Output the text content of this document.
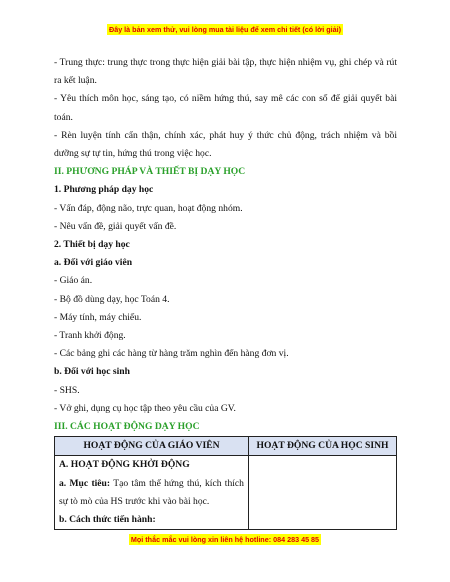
Đây là bản xem thử, vui lòng mua tài liệu để xem chi tiết (có lời giải)

- Trung thực: trung thực trong thực hiện giải bài tập, thực hiện nhiệm vụ, ghi chép và rút ra kết luận.

- Yêu thích môn học, sáng tạo, có niềm hứng thú, say mê các con số để giải quyết bài toán.

- Rèn luyện tính cẩn thận, chính xác, phát huy ý thức chủ động, trách nhiệm và bồi dưỡng sự tự tin, hứng thú trong việc học.

II. PHƯƠNG PHÁP VÀ THIẾT BỊ DẠY HỌC

1. Phương pháp dạy học

- Vấn đáp, động não, trực quan, hoạt động nhóm.

- Nêu vấn đề, giải quyết vấn đề.

2. Thiết bị dạy học

a. Đối với giáo viên

- Giáo án.

- Bộ đồ dùng dạy, học Toán 4.

- Máy tính, máy chiếu.

- Tranh khởi động.

- Các bảng ghi các hàng từ hàng trăm nghìn đến hàng đơn vị.

b. Đối với học sinh

- SHS.

- Vở ghi, dụng cụ học tập theo yêu cầu của GV.

III. CÁC HOẠT ĐỘNG DẠY HỌC

HOẠT ĐỘNG CỦA GIÁO VIÊN	HOẠT ĐỘNG CỦA HỌC SINH

A. HOẠT ĐỘNG KHỞI ĐỘNG
a. Mục tiêu: Tạo tâm thế hứng thú, kích thích sự tò mò của HS trước khi vào bài học.
b. Cách thức tiến hành:	

Mọi thắc mắc vui lòng xin liên hệ hotline: 084 283 45 85
